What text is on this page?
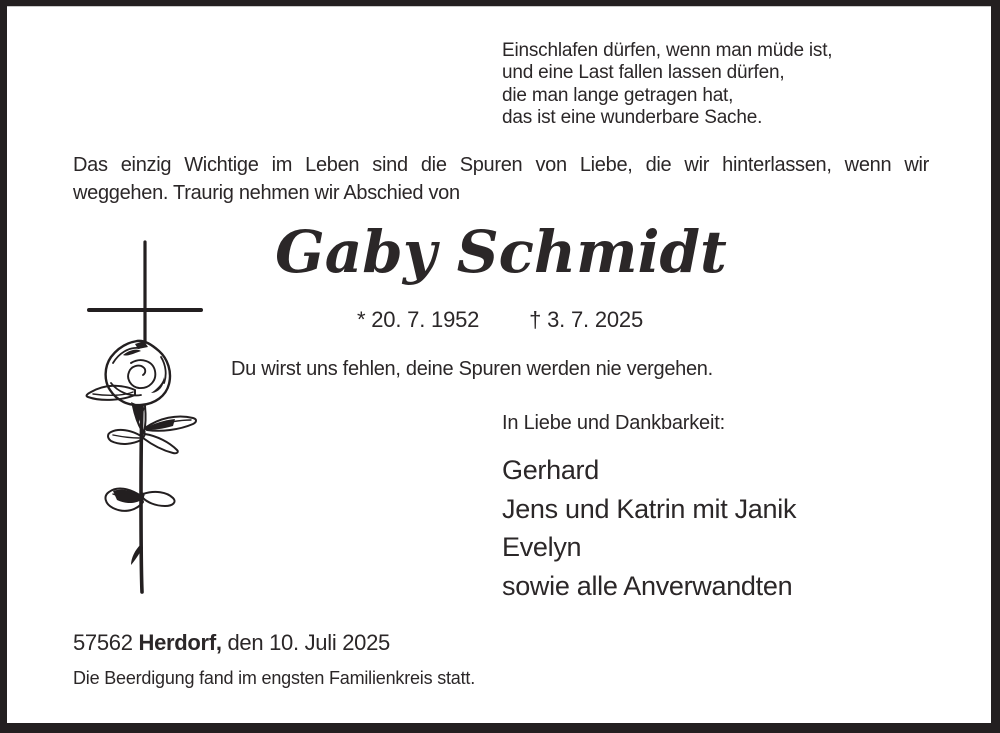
Einschlafen dürfen, wenn man müde ist,
und eine Last fallen lassen dürfen,
die man lange getragen hat,
das ist eine wunderbare Sache.
Das einzig Wichtige im Leben sind die Spuren von Liebe, die wir hinterlassen, wenn wir
weggehen. Traurig nehmen wir Abschied von
Gaby Schmidt
* 20. 7. 1952 † 3. 7. 2025
Du wirst uns fehlen, deine Spuren werden nie vergehen.
In Liebe und Dankbarkeit:
Gerhard
Jens und Katrin mit Janik
Evelyn
sowie alle Anverwandten
57562 Herdorf, den 10. Juli 2025
Die Beerdigung fand im engsten Familienkreis statt.
